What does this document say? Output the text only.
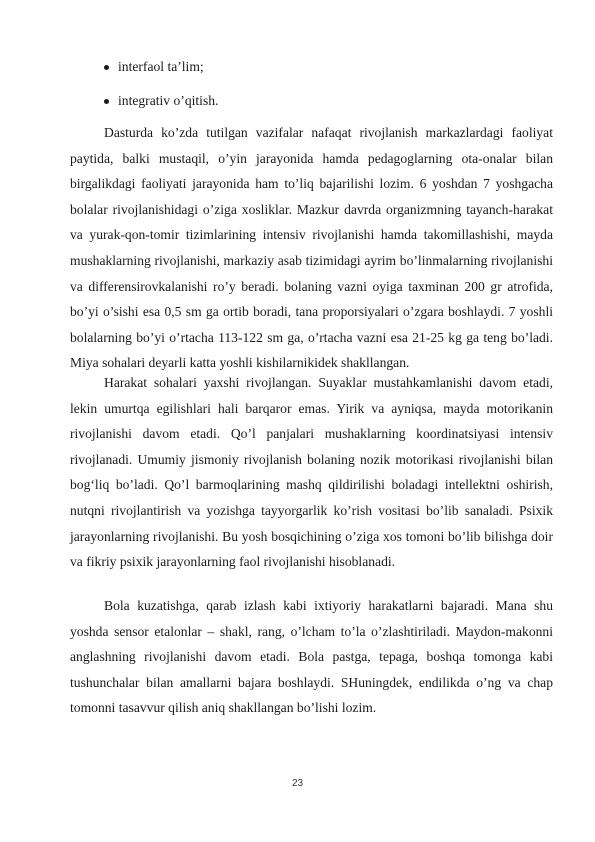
interfaol ta’lim;
integrativ o’qitish.

Dasturda ko’zda tutilgan vazifalar nafaqat rivojlanish markazlardagi faoliyat paytida, balki mustaqil, o’yin jarayonida hamda pedagoglarning ota-onalar bilan birgalikdagi faoliyati jarayonida ham to’liq bajarilishi lozim. 6 yoshdan 7 yoshgacha bolalar rivojlanishidagi o’ziga xosliklar. Mazkur davrda organizmning tayanch-harakat va yurak-qon-tomir tizimlarining intensiv rivojlanishi hamda takomillashishi, mayda mushaklarning rivojlanishi, markaziy asab tizimidagi ayrim bo’linmalarning rivojlanishi va differensirovkalanishi ro’y beradi. bolaning vazni oyiga taxminan 200 gr atrofida, bo’yi o’sishi esa 0,5 sm ga ortib boradi, tana proporsiyalari o’zgara boshlaydi. 7 yoshli bolalarning bo’yi o’rtacha 113-122 sm ga, o’rtacha vazni esa 21-25 kg ga teng bo’ladi. Miya sohalari deyarli katta yoshli kishilarnikidek shakllangan.

Harakat sohalari yaxshi rivojlangan. Suyaklar mustahkamlanishi davom etadi, lekin umurtqa egilishlari hali barqaror emas. Yirik va ayniqsa, mayda motorikanin rivojlanishi davom etadi. Qo’l panjalari mushaklarning koordinatsiyasi intensiv rivojlanadi. Umumiy jismoniy rivojlanish bolaning nozik motorikasi rivojlanishi bilan bog‘liq bo’ladi. Qo’l barmoqlarining mashq qildirilishi boladagi intellektni oshirish, nutqni rivojlantirish va yozishga tayyorgarlik ko’rish vositasi bo’lib sanaladi. Psixik jarayonlarning rivojlanishi. Bu yosh bosqichining o’ziga xos tomoni bo’lib bilishga doir va fikriy psixik jarayonlarning faol rivojlanishi hisoblanadi.

Bola kuzatishga, qarab izlash kabi ixtiyoriy harakatlarni bajaradi. Mana shu yoshda sensor etalonlar – shakl, rang, o’lcham to’la o’zlashtiriladi. Maydon-makonni anglashning rivojlanishi davom etadi. Bola pastga, tepaga, boshqa tomonga kabi tushunchalar bilan amallarni bajara boshlaydi. SHuningdek, endilikda o’ng va chap tomonni tasavvur qilish aniq shakllangan bo’lishi lozim.

23
